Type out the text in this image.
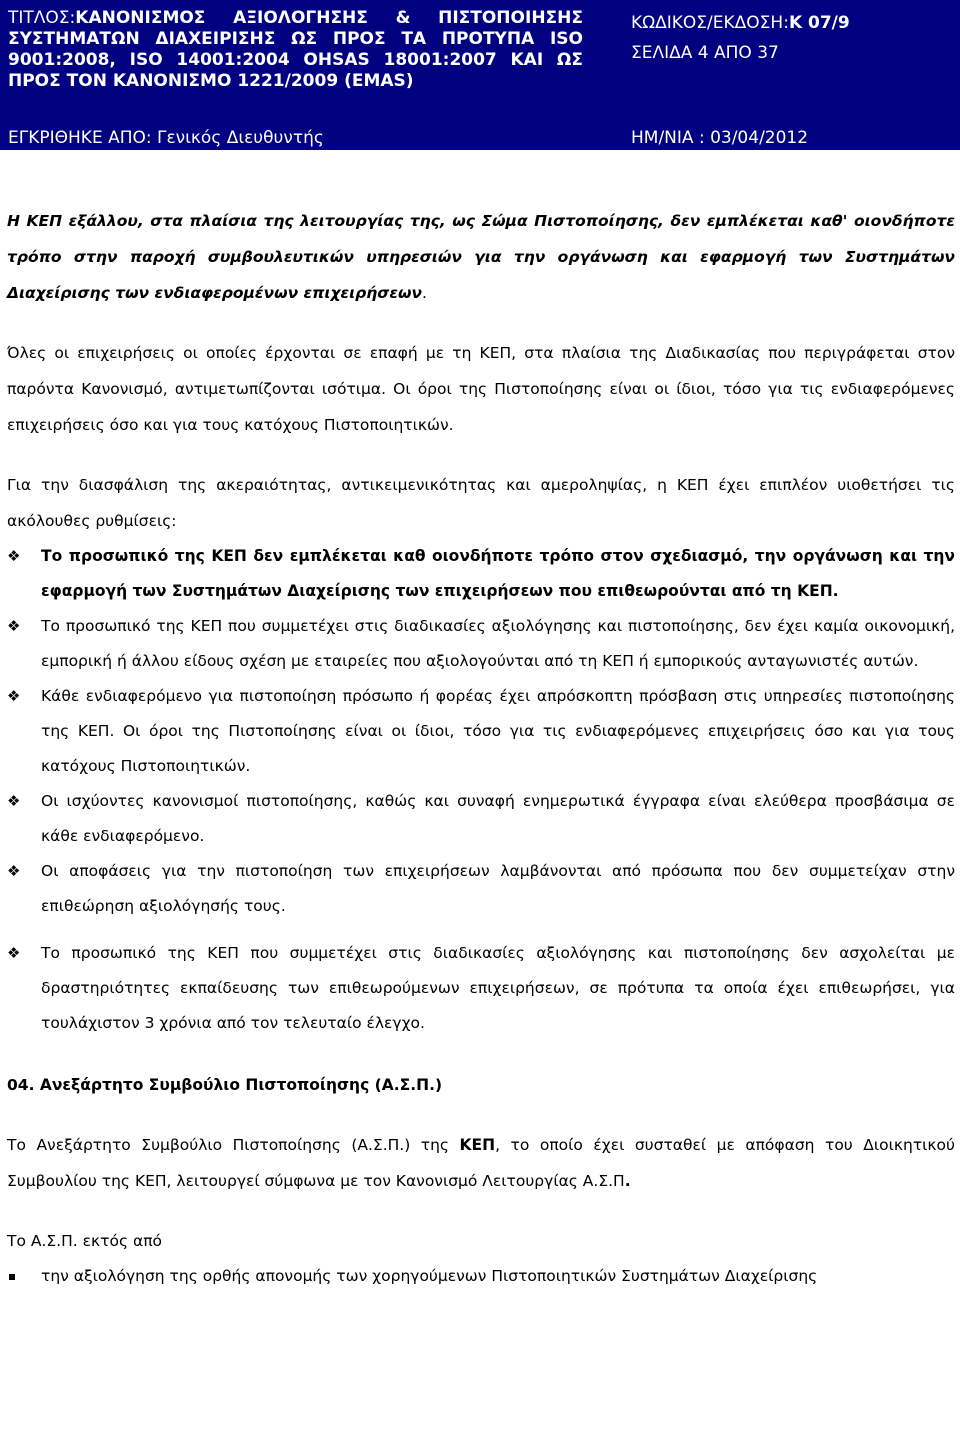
ΤΙΤΛΟΣ: ΚΑΝΟΝΙΣΜΟΣ ΑΞΙΟΛΟΓΗΣΗΣ & ΠΙΣΤΟΠΟΙΗΣΗΣ ΣΥΣΤΗΜΑΤΩΝ ΔΙΑΧΕΙΡΙΣΗΣ ΩΣ ΠΡΟΣ ΤΑ ΠΡΟΤΥΠΑ ISO 9001:2008, ISO 14001:2004 OHSAS 18001:2007 ΚΑΙ ΩΣ ΠΡΟΣ ΤΟΝ ΚΑΝΟΝΙΣΜΟ 1221/2009 (EMAS)
ΚΩΔΙΚΟΣ/ΕΚΔΟΣΗ:Κ 07/9
ΣΕΛΙΔΑ 4 ΑΠΟ 37
ΕΓΚΡΙΘΗΚΕ ΑΠΟ: Γενικός Διευθυντής	ΗΜ/ΝΙΑ : 03/04/2012

Η ΚΕΠ εξάλλου, στα πλαίσια της λειτουργίας της, ως Σώμα Πιστοποίησης, δεν εμπλέκεται καθ' οιονδήποτε τρόπο στην παροχή συμβουλευτικών υπηρεσιών για την οργάνωση και εφαρμογή των Συστημάτων Διαχείρισης των ενδιαφερομένων επιχειρήσεων.

Όλες οι επιχειρήσεις οι οποίες έρχονται σε επαφή με τη ΚΕΠ, στα πλαίσια της Διαδικασίας που περιγράφεται στον παρόντα Κανονισμό, αντιμετωπίζονται ισότιμα. Οι όροι της Πιστοποίησης είναι οι ίδιοι, τόσο για τις ενδιαφερόμενες επιχειρήσεις όσο και για τους κατόχους Πιστοποιητικών.

Για την διασφάλιση της ακεραιότητας, αντικειμενικότητας και αμεροληψίας, η ΚΕΠ έχει επιπλέον υιοθετήσει τις ακόλουθες ρυθμίσεις:

❖ Το προσωπικό της ΚΕΠ δεν εμπλέκεται καθ οιονδήποτε τρόπο στον σχεδιασμό, την οργάνωση και την εφαρμογή των Συστημάτων Διαχείρισης των επιχειρήσεων που επιθεωρούνται από τη ΚΕΠ.
❖ Το προσωπικό της ΚΕΠ που συμμετέχει στις διαδικασίες αξιολόγησης και πιστοποίησης, δεν έχει καμία οικονομική, εμπορική ή άλλου είδους σχέση με εταιρείες που αξιολογούνται από τη ΚΕΠ ή εμπορικούς ανταγωνιστές αυτών.
❖ Κάθε ενδιαφερόμενο για πιστοποίηση πρόσωπο ή φορέας έχει απρόσκοπτη πρόσβαση στις υπηρεσίες πιστοποίησης της ΚΕΠ. Οι όροι της Πιστοποίησης είναι οι ίδιοι, τόσο για τις ενδιαφερόμενες επιχειρήσεις όσο και για τους κατόχους Πιστοποιητικών.
❖ Οι ισχύοντες κανονισμοί πιστοποίησης, καθώς και συναφή ενημερωτικά έγγραφα είναι ελεύθερα προσβάσιμα σε κάθε ενδιαφερόμενο.
❖ Οι αποφάσεις για την πιστοποίηση των επιχειρήσεων λαμβάνονται από πρόσωπα που δεν συμμετείχαν στην επιθεώρηση αξιολόγησής τους.
❖ Το προσωπικό της ΚΕΠ που συμμετέχει στις διαδικασίες αξιολόγησης και πιστοποίησης δεν ασχολείται με δραστηριότητες εκπαίδευσης των επιθεωρούμενων επιχειρήσεων, σε πρότυπα τα οποία έχει επιθεωρήσει, για τουλάχιστον 3 χρόνια από τον τελευταίο έλεγχο.
04. Ανεξάρτητο Συμβούλιο Πιστοποίησης (Α.Σ.Π.)

Το Ανεξάρτητο Συμβούλιο Πιστοποίησης (Α.Σ.Π.) της ΚΕΠ, το οποίο έχει συσταθεί με απόφαση του Διοικητικού Συμβουλίου της ΚΕΠ, λειτουργεί σύμφωνα με τον Κανονισμό Λειτουργίας Α.Σ.Π.

Το Α.Σ.Π. εκτός από

την αξιολόγηση της ορθής απονομής των χορηγούμενων Πιστοποιητικών Συστημάτων Διαχείρισης
